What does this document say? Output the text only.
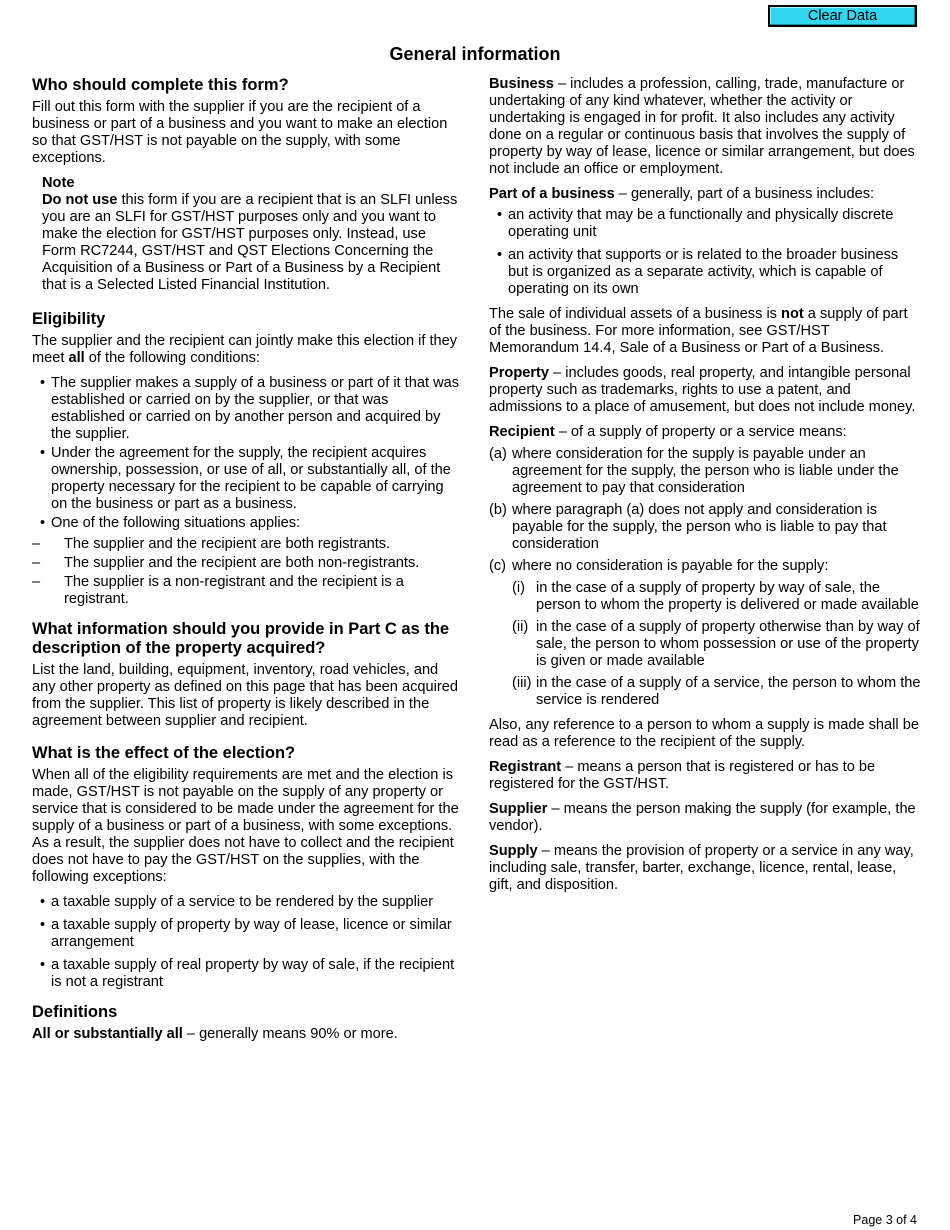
Clear Data
General information
Who should complete this form?

Fill out this form with the supplier if you are the recipient of a business or part of a business and you want to make an election so that GST/HST is not payable on the supply, with some exceptions.

Note
Do not use this form if you are a recipient that is an SLFI unless you are an SLFI for GST/HST purposes only and you want to make the election for GST/HST purposes only. Instead, use Form RC7244, GST/HST and QST Elections Concerning the Acquisition of a Business or Part of a Business by a Recipient that is a Selected Listed Financial Institution.
Eligibility

The supplier and the recipient can jointly make this election if they meet all of the following conditions:

• The supplier makes a supply of a business or part of it that was established or carried on by the supplier, or that was established or carried on by another person and acquired by the supplier.
• Under the agreement for the supply, the recipient acquires ownership, possession, or use of all, or substantially all, of the property necessary for the recipient to be capable of carrying on the business or part as a business.
• One of the following situations applies:
– The supplier and the recipient are both registrants.
– The supplier and the recipient are both non-registrants.
– The supplier is a non-registrant and the recipient is a registrant.
What information should you provide in Part C as the description of the property acquired?

List the land, building, equipment, inventory, road vehicles, and any other property as defined on this page that has been acquired from the supplier. This list of property is likely described in the agreement between supplier and recipient.

What is the effect of the election?

When all of the eligibility requirements are met and the election is made, GST/HST is not payable on the supply of any property or service that is considered to be made under the agreement for the supply of a business or part of a business, with some exceptions. As a result, the supplier does not have to collect and the recipient does not have to pay the GST/HST on the supplies, with the following exceptions:

• a taxable supply of a service to be rendered by the supplier
• a taxable supply of property by way of lease, licence or similar arrangement
• a taxable supply of real property by way of sale, if the recipient is not a registrant
Definitions

All or substantially all – generally means 90% or more.

Business – includes a profession, calling, trade, manufacture or undertaking of any kind whatever, whether the activity or undertaking is engaged in for profit. It also includes any activity done on a regular or continuous basis that involves the supply of property by way of lease, licence or similar arrangement, but does not include an office or employment.

Part of a business – generally, part of a business includes:

• an activity that may be a functionally and physically discrete operating unit
• an activity that supports or is related to the broader business but is organized as a separate activity, which is capable of operating on its own

The sale of individual assets of a business is not a supply of part of the business. For more information, see GST/HST Memorandum 14.4, Sale of a Business or Part of a Business.

Property – includes goods, real property, and intangible personal property such as trademarks, rights to use a patent, and admissions to a place of amusement, but does not include money.

Recipient – of a supply of property or a service means:

(a) where consideration for the supply is payable under an agreement for the supply, the person who is liable under the agreement to pay that consideration
(b) where paragraph (a) does not apply and consideration is payable for the supply, the person who is liable to pay that consideration
(c) where no consideration is payable for the supply:
(i) in the case of a supply of property by way of sale, the person to whom the property is delivered or made available
(ii) in the case of a supply of property otherwise than by way of sale, the person to whom possession or use of the property is given or made available
(iii) in the case of a supply of a service, the person to whom the service is rendered

Also, any reference to a person to whom a supply is made shall be read as a reference to the recipient of the supply.

Registrant – means a person that is registered or has to be registered for the GST/HST.

Supplier – means the person making the supply (for example, the vendor).

Supply – means the provision of property or a service in any way, including sale, transfer, barter, exchange, licence, rental, lease, gift, and disposition.

Page 3 of 4
